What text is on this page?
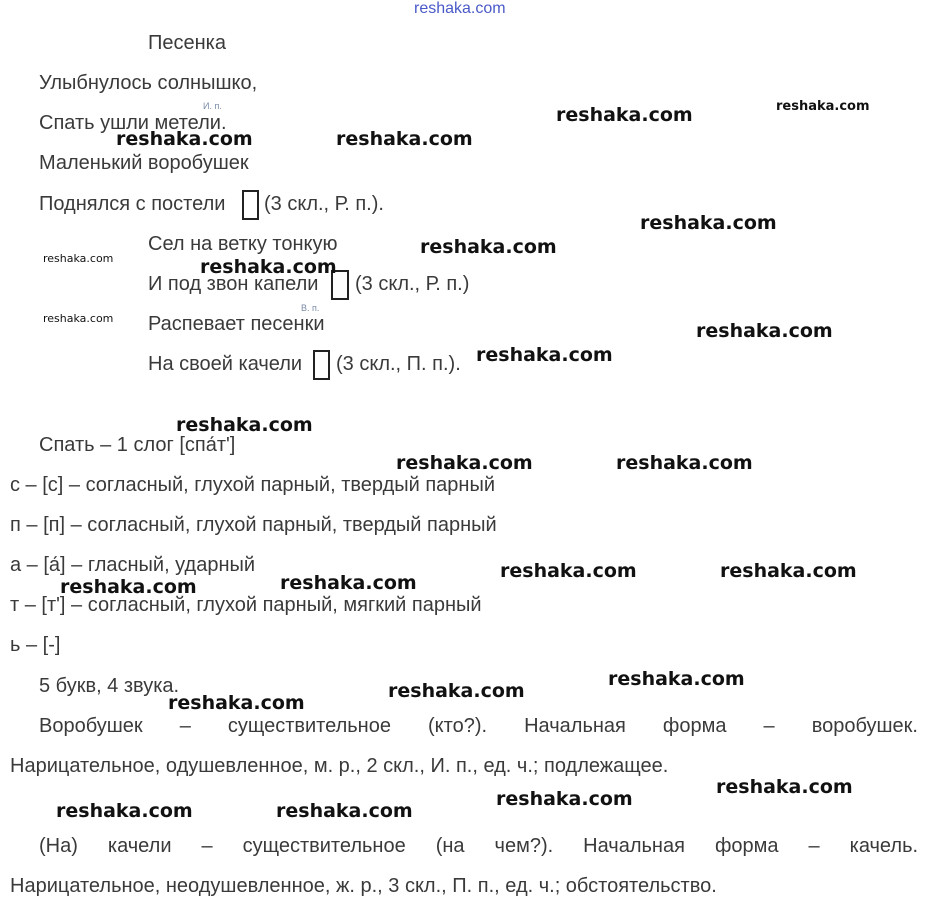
reshaka.com
Песенка
Улыбнулось солнышко,
И. п.
Спать ушли метели.
Маленький воробушек
Поднялся с постели (3 скл., Р. п.).
Сел на ветку тонкую
И под звон капели (3 скл., Р. п.)
В. п.
Распевает песенки
На своей качели (3 скл., П. п.).
Спать – 1 слог [спа́т']
с – [с] – согласный, глухой парный, твердый парный
п – [п] – согласный, глухой парный, твердый парный
а – [а́] – гласный, ударный
т – [т'] – согласный, глухой парный, мягкий парный
ь – [-]
5 букв, 4 звука.
Воробушек – существительное (кто?). Начальная форма – воробушек.
Нарицательное, одушевленное, м. р., 2 скл., И. п., ед. ч.; подлежащее.
(На) качели – существительное (на чем?). Начальная форма – качель.
Нарицательное, неодушевленное, ж. р., 3 скл., П. п., ед. ч.; обстоятельство.
reshaka.com	reshaka.com
reshaka.com	reshaka.com
reshaka.com
reshaka.com
reshaka.com	reshaka.com
reshaka.com
reshaka.com
reshaka.com
reshaka.com
reshaka.com	reshaka.com
reshaka.com	reshaka.com
reshaka.com
reshaka.com
reshaka.com
reshaka.com
reshaka.com
reshaka.com
reshaka.com
reshaka.com	reshaka.com
